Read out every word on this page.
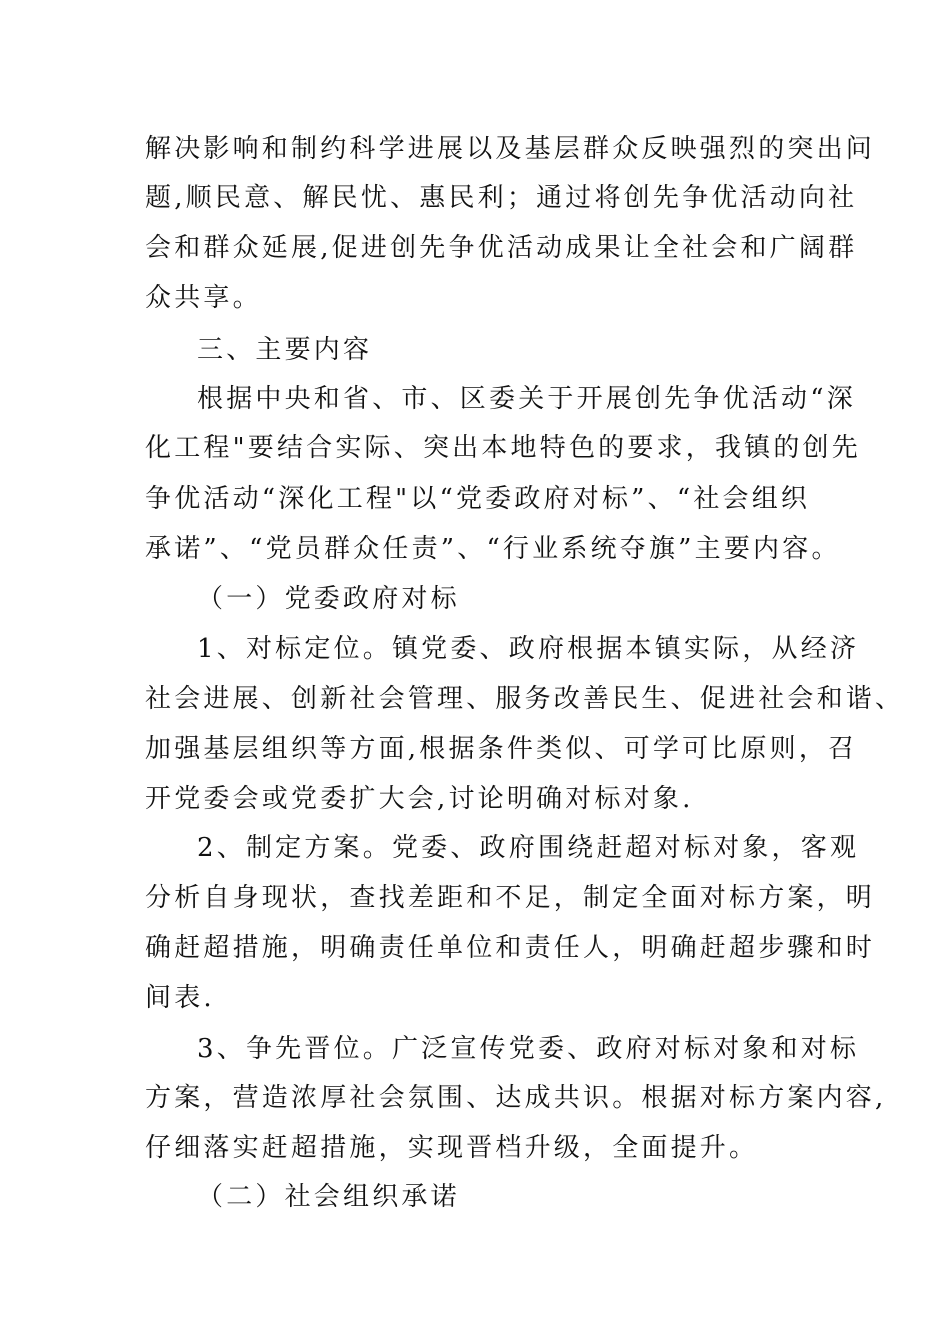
解决影响和制约科学进展以及基层群众反映强烈的突出问
题,顺民意、解民忧、惠民利；通过将创先争优活动向社
会和群众延展,促进创先争优活动成果让全社会和广阔群
众共享。
三、主要内容
根据中央和省、市、区委关于开展创先争优活动“深
化工程"要结合实际、突出本地特色的要求，我镇的创先
争优活动“深化工程"以“党委政府对标”、“社会组织
承诺”、“党员群众任责”、“行业系统夺旗”主要内容。
（一）党委政府对标
1、对标定位。镇党委、政府根据本镇实际，从经济
社会进展、创新社会管理、服务改善民生、促进社会和谐、
加强基层组织等方面,根据条件类似、可学可比原则，召
开党委会或党委扩大会,讨论明确对标对象.
2、制定方案。党委、政府围绕赶超对标对象，客观
分析自身现状，查找差距和不足，制定全面对标方案，明
确赶超措施，明确责任单位和责任人，明确赶超步骤和时
间表.
3、争先晋位。广泛宣传党委、政府对标对象和对标
方案，营造浓厚社会氛围、达成共识。根据对标方案内容,
仔细落实赶超措施，实现晋档升级，全面提升。
（二）社会组织承诺
